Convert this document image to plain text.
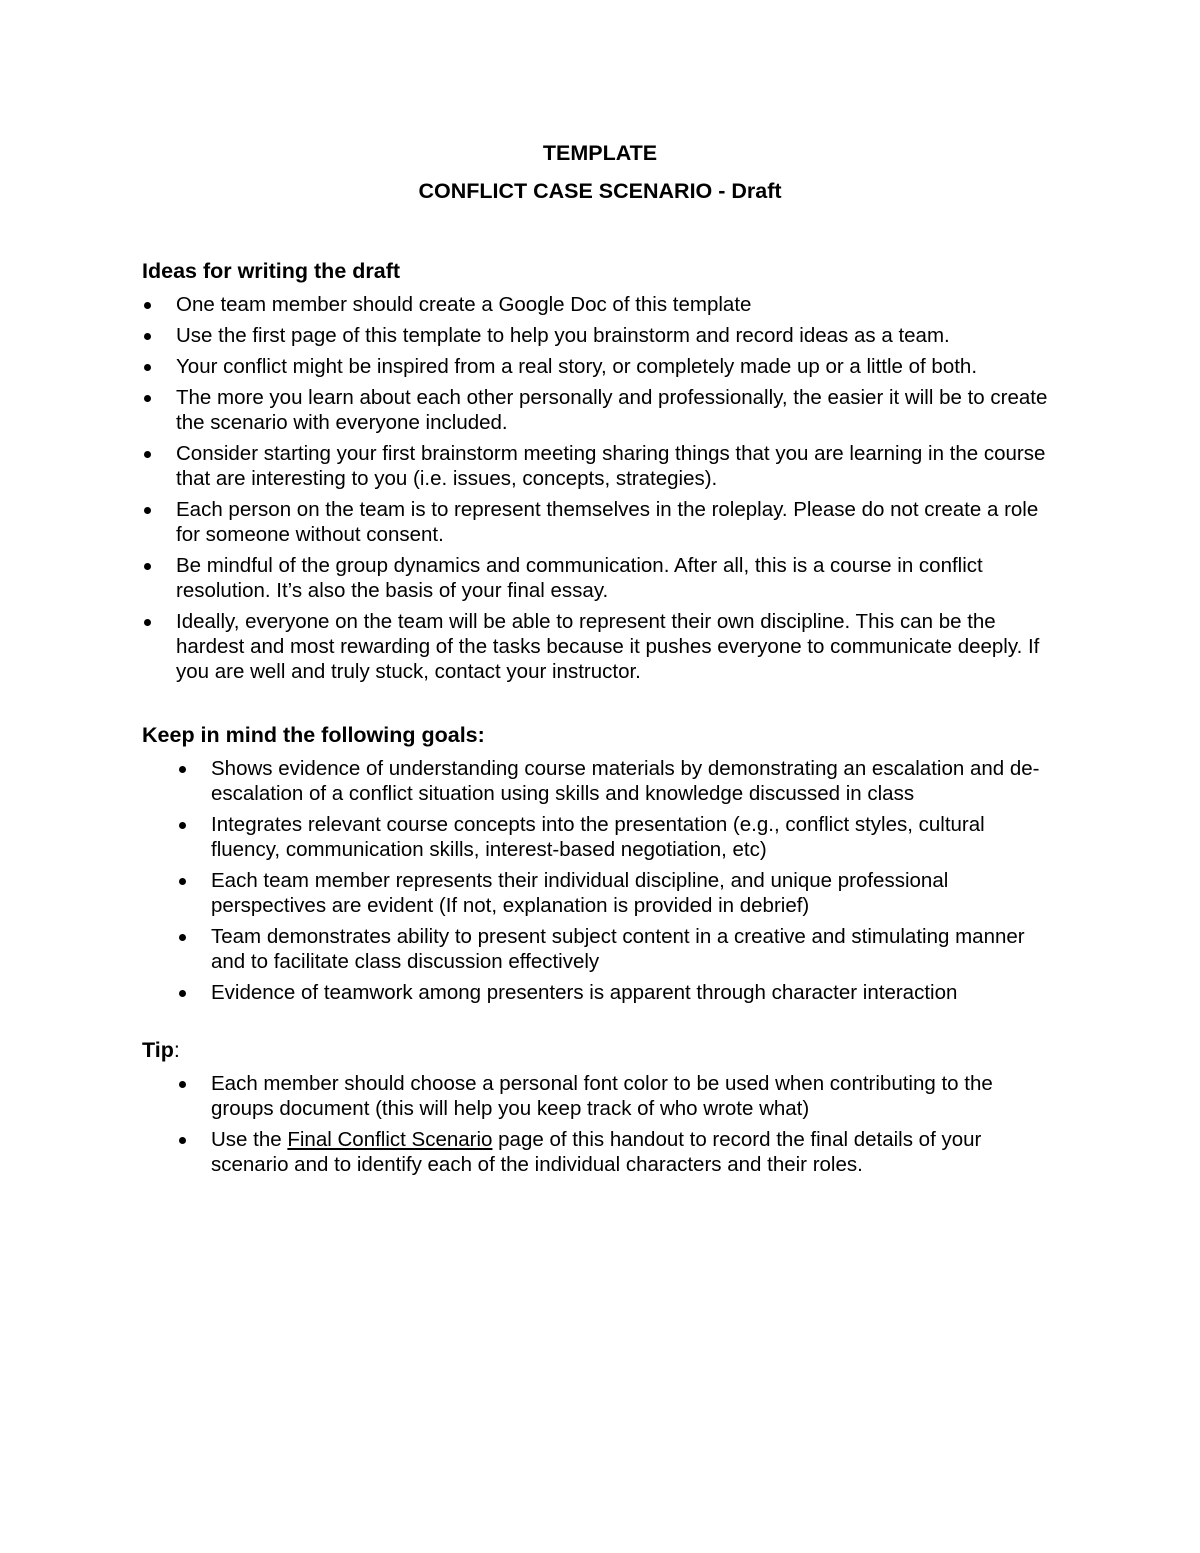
TEMPLATE

CONFLICT CASE SCENARIO - Draft

Ideas for writing the draft

One team member should create a Google Doc of this template
Use the first page of this template to help you brainstorm and record ideas as a team.
Your conflict might be inspired from a real story, or completely made up or a little of both.
The more you learn about each other personally and professionally, the easier it will be to create the scenario with everyone included.
Consider starting your first brainstorm meeting sharing things that you are learning in the course that are interesting to you (i.e. issues, concepts, strategies).
Each person on the team is to represent themselves in the roleplay. Please do not create a role for someone without consent.
Be mindful of the group dynamics and communication. After all, this is a course in conflict resolution. It’s also the basis of your final essay.
Ideally, everyone on the team will be able to represent their own discipline. This can be the hardest and most rewarding of the tasks because it pushes everyone to communicate deeply. If you are well and truly stuck, contact your instructor.

Keep in mind the following goals:

Shows evidence of understanding course materials by demonstrating an escalation and de-escalation of a conflict situation using skills and knowledge discussed in class
Integrates relevant course concepts into the presentation (e.g., conflict styles, cultural fluency, communication skills, interest-based negotiation, etc)
Each team member represents their individual discipline, and unique professional perspectives are evident (If not, explanation is provided in debrief)
Team demonstrates ability to present subject content in a creative and stimulating manner and to facilitate class discussion effectively
Evidence of teamwork among presenters is apparent through character interaction

Tip:

Each member should choose a personal font color to be used when contributing to the groups document (this will help you keep track of who wrote what)
Use the Final Conflict Scenario page of this handout to record the final details of your scenario and to identify each of the individual characters and their roles.
